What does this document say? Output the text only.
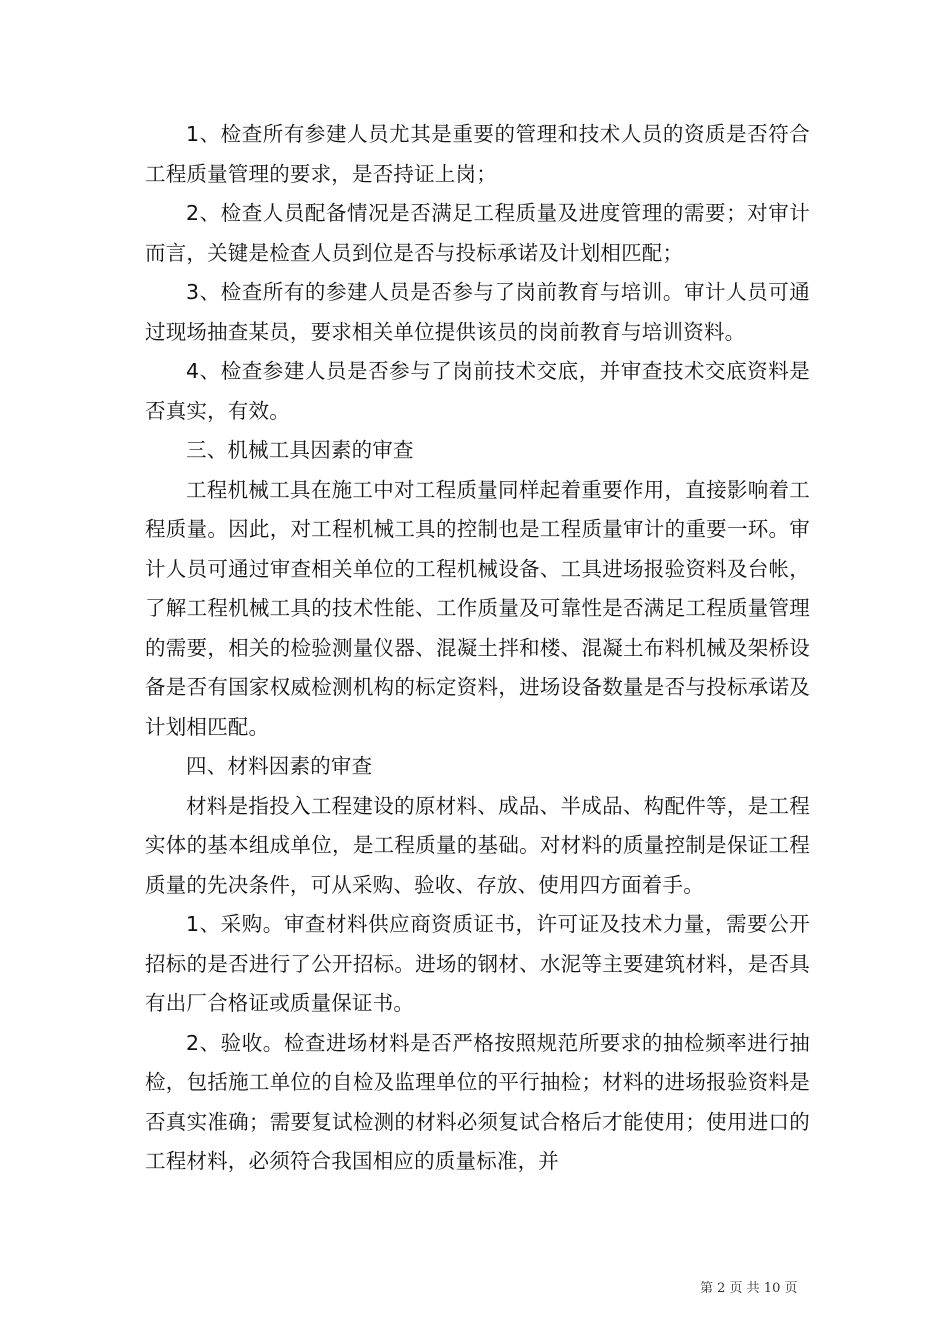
1、检查所有参建人员尤其是重要的管理和技术人员的资质是否符合工程质量管理的要求，是否持证上岗；

2、检查人员配备情况是否满足工程质量及进度管理的需要；对审计而言，关键是检查人员到位是否与投标承诺及计划相匹配；

3、检查所有的参建人员是否参与了岗前教育与培训。审计人员可通过现场抽查某员，要求相关单位提供该员的岗前教育与培训资料。

4、检查参建人员是否参与了岗前技术交底，并审查技术交底资料是否真实，有效。

三、机械工具因素的审查

工程机械工具在施工中对工程质量同样起着重要作用，直接影响着工程质量。因此，对工程机械工具的控制也是工程质量审计的重要一环。审计人员可通过审查相关单位的工程机械设备、工具进场报验资料及台帐，了解工程机械工具的技术性能、工作质量及可靠性是否满足工程质量管理的需要，相关的检验测量仪器、混凝土拌和楼、混凝土布料机械及架桥设备是否有国家权威检测机构的标定资料，进场设备数量是否与投标承诺及计划相匹配。

四、材料因素的审查

材料是指投入工程建设的原材料、成品、半成品、构配件等，是工程实体的基本组成单位，是工程质量的基础。对材料的质量控制是保证工程质量的先决条件，可从采购、验收、存放、使用四方面着手。

1、采购。审查材料供应商资质证书，许可证及技术力量，需要公开招标的是否进行了公开招标。进场的钢材、水泥等主要建筑材料，是否具有出厂合格证或质量保证书。

2、验收。检查进场材料是否严格按照规范所要求的抽检频率进行抽检，包括施工单位的自检及监理单位的平行抽检；材料的进场报验资料是否真实准确；需要复试检测的材料必须复试合格后才能使用；使用进口的工程材料，必须符合我国相应的质量标准，并

第 2 页 共 10 页
